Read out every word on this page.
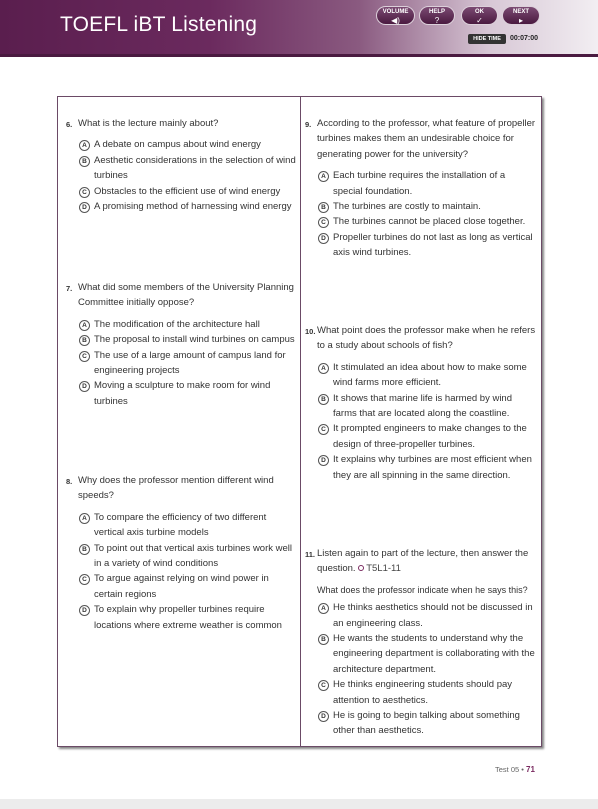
TOEFL iBT Listening
VOLUME
◀)
HELP
?
OK
✓
NEXT
▸
HIDE TIME	00:07:00
6. What is the lecture mainly about?
A A debate on campus about wind energy
B Aesthetic considerations in the selection of wind turbines
C Obstacles to the efficient use of wind energy
D A promising method of harnessing wind energy
7. What did some members of the University Planning Committee initially oppose?
A The modification of the architecture hall
B The proposal to install wind turbines on campus
C The use of a large amount of campus land for engineering projects
D Moving a sculpture to make room for wind turbines
8. Why does the professor mention different wind speeds?
A To compare the efficiency of two different vertical axis turbine models
B To point out that vertical axis turbines work well in a variety of wind conditions
C To argue against relying on wind power in certain regions
D To explain why propeller turbines require locations where extreme weather is common
9. According to the professor, what feature of propeller turbines makes them an undesirable choice for generating power for the university?
A Each turbine requires the installation of a special foundation.
B The turbines are costly to maintain.
C The turbines cannot be placed close together.
D Propeller turbines do not last as long as vertical axis wind turbines.
10. What point does the professor make when he refers to a study about schools of fish?
A It stimulated an idea about how to make some wind farms more efficient.
B It shows that marine life is harmed by wind farms that are located along the coastline.
C It prompted engineers to make changes to the design of three-propeller turbines.
D It explains why turbines are most efficient when they are all spinning in the same direction.
11. Listen again to part of the lecture, then answer the question. T5L1-11
What does the professor indicate when he says this?
A He thinks aesthetics should not be discussed in an engineering class.
B He wants the students to understand why the engineering department is collaborating with the architecture department.
C He thinks engineering students should pay attention to aesthetics.
D He is going to begin talking about something other than aesthetics.
Test 05 • 71
